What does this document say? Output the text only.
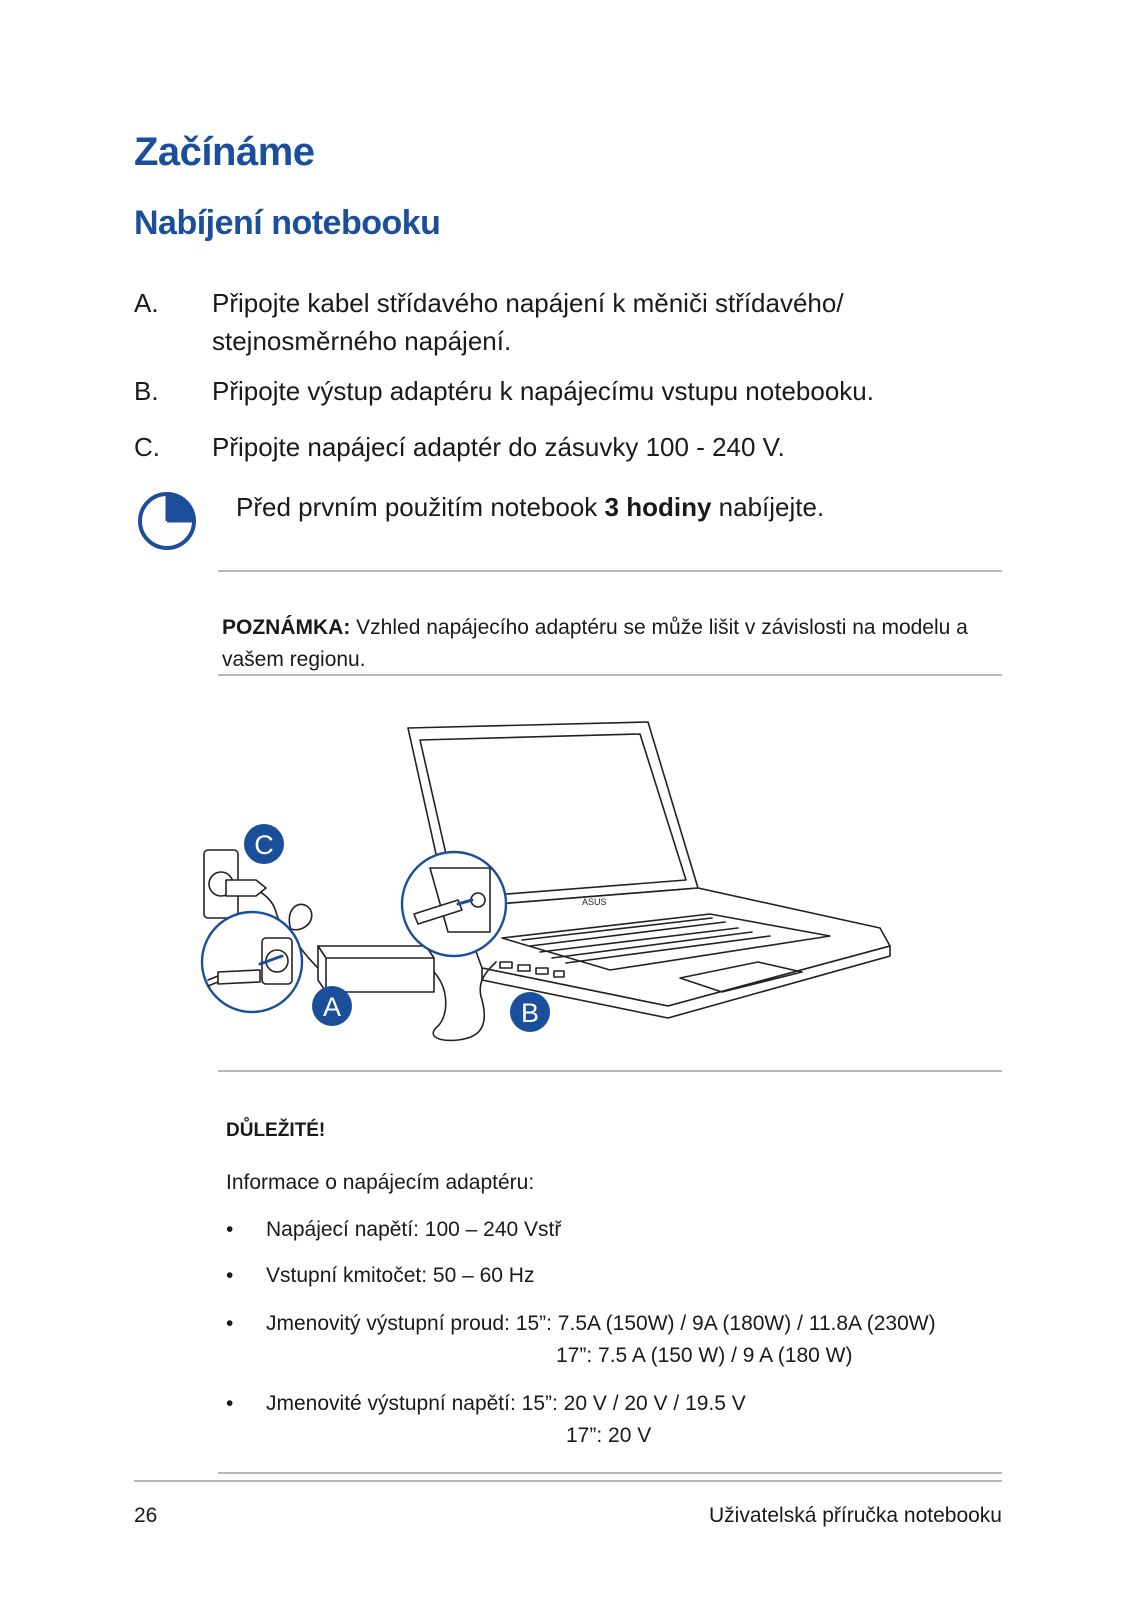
Začínáme
Nabíjení notebooku
A. Připojte kabel střídavého napájení k měniči střídavého/ stejnosměrného napájení.
B. Připojte výstup adaptéru k napájecímu vstupu notebooku.
C. Připojte napájecí adaptér do zásuvky 100 - 240 V.
Před prvním použitím notebook 3 hodiny nabíjejte.
POZNÁMKA: Vzhled napájecího adaptéru se může lišit v závislosti na modelu a vašem regionu.
ASUS
C
A	B
DŮLEŽITÉ!
Informace o napájecím adaptéru:
• Napájecí napětí: 100 – 240 Vstř
• Vstupní kmitočet: 50 – 60 Hz
• Jmenovitý výstupní proud: 15”: 7.5A (150W) / 9A (180W) / 11.8A (230W)
17”: 7.5 A (150 W) / 9 A (180 W)
• Jmenovité výstupní napětí: 15”: 20 V / 20 V / 19.5 V
17”: 20 V
26	Uživatelská příručka notebooku
